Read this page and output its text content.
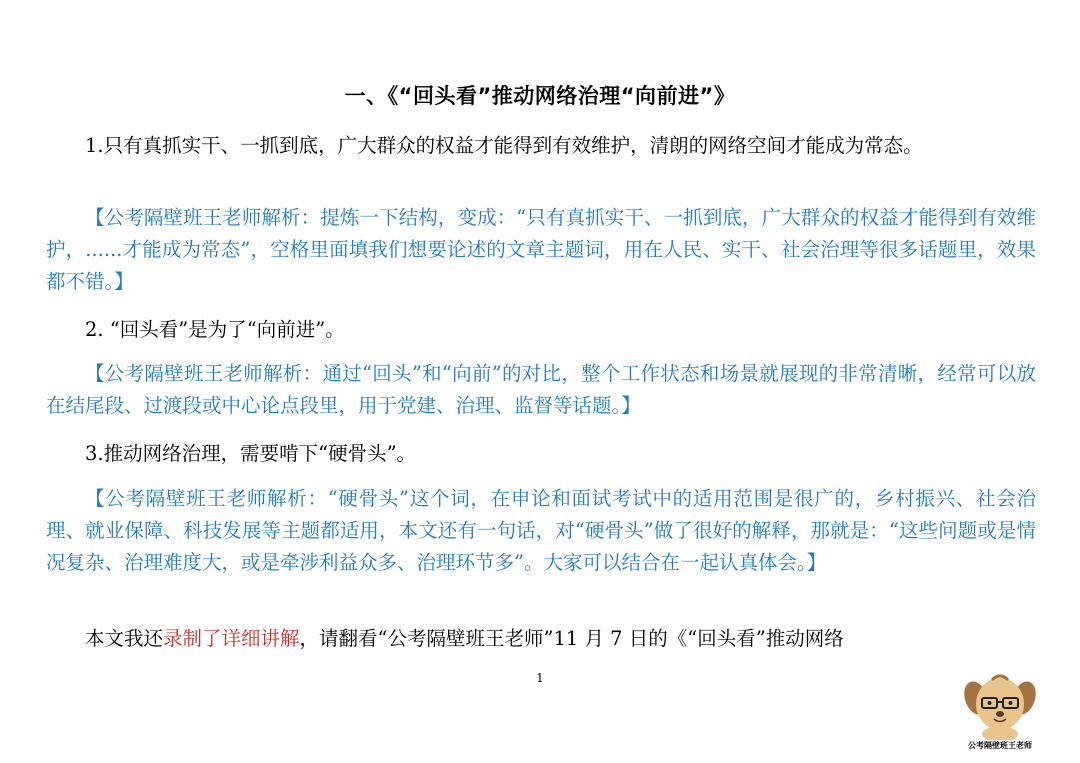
一、《“回头看”推动网络治理“向前进”》
1.只有真抓实干、一抓到底，广大群众的权益才能得到有效维护，清朗的网络空间才能成为常态。
【公考隔壁班王老师解析：提炼一下结构，变成：“只有真抓实干、一抓到底，广大群众的权益才能得到有效维护，......才能成为常态”，空格里面填我们想要论述的文章主题词，用在人民、实干、社会治理等很多话题里，效果都不错。】
2. “回头看”是为了“向前进”。
【公考隔壁班王老师解析：通过“回头”和“向前”的对比，整个工作状态和场景就展现的非常清晰，经常可以放在结尾段、过渡段或中心论点段里，用于党建、治理、监督等话题。】
3.推动网络治理，需要啃下“硬骨头”。
【公考隔壁班王老师解析：“硬骨头”这个词，在申论和面试考试中的适用范围是很广的，乡村振兴、社会治理、就业保障、科技发展等主题都适用，本文还有一句话，对“硬骨头”做了很好的解释，那就是：“这些问题或是情况复杂、治理难度大，或是牵涉利益众多、治理环节多”。大家可以结合在一起认真体会。】
本文我还录制了详细讲解，请翻看“公考隔壁班王老师”11 月 7 日的《“回头看”推动网络
1
公考隔壁班王老师
